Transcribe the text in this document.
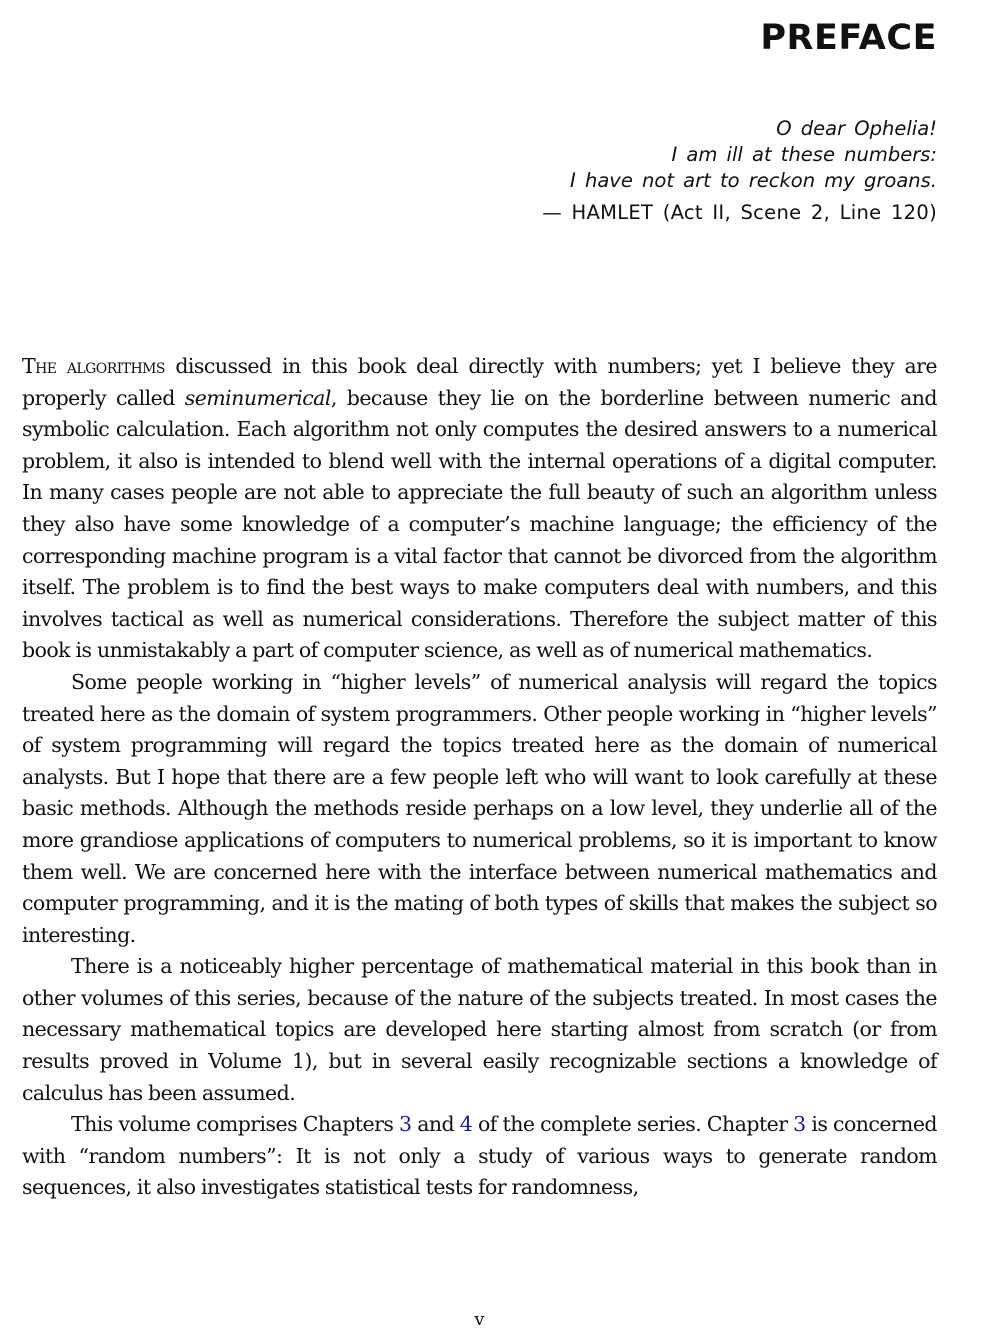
PREFACE
O dear Ophelia!
I am ill at these numbers:
I have not art to reckon my groans.
— HAMLET (Act II, Scene 2, Line 120)

The algorithms discussed in this book deal directly with numbers; yet I believe they are properly called seminumerical, because they lie on the borderline between numeric and symbolic calculation. Each algorithm not only computes the desired answers to a numerical problem, it also is intended to blend well with the internal operations of a digital computer. In many cases people are not able to appreciate the full beauty of such an algorithm unless they also have some knowledge of a computer’s machine language; the efficiency of the corresponding machine program is a vital factor that cannot be divorced from the algorithm itself. The problem is to find the best ways to make computers deal with numbers, and this involves tactical as well as numerical considerations. Therefore the subject matter of this book is unmistakably a part of computer science, as well as of numerical mathematics.

Some people working in “higher levels” of numerical analysis will regard the topics treated here as the domain of system programmers. Other people working in “higher levels” of system programming will regard the topics treated here as the domain of numerical analysts. But I hope that there are a few people left who will want to look carefully at these basic methods. Although the methods reside perhaps on a low level, they underlie all of the more grandiose applications of computers to numerical problems, so it is important to know them well. We are concerned here with the interface between numerical mathematics and computer programming, and it is the mating of both types of skills that makes the subject so interesting.

There is a noticeably higher percentage of mathematical material in this book than in other volumes of this series, because of the nature of the subjects treated. In most cases the necessary mathematical topics are developed here starting almost from scratch (or from results proved in Volume 1), but in several easily recognizable sections a knowledge of calculus has been assumed.

This volume comprises Chapters 3 and 4 of the complete series. Chapter 3 is concerned with “random numbers”: It is not only a study of various ways to generate random sequences, it also investigates statistical tests for randomness,

v
